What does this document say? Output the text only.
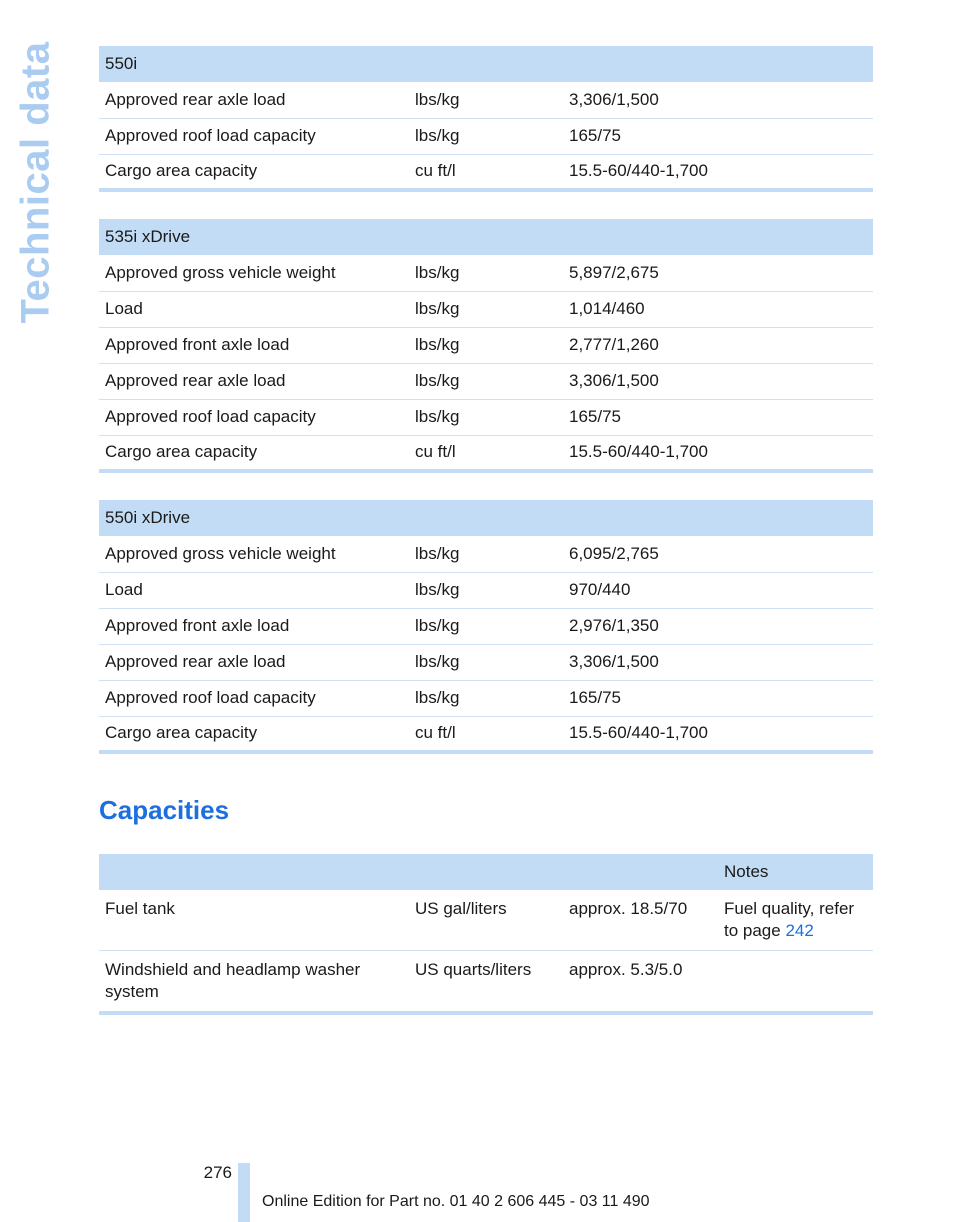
Technical data	550i		
Approved rear axle load	lbs/kg	3,306/1,500
Approved roof load capacity	lbs/kg	165/75
Cargo area capacity	cu ft/l	15.5-60/440-1,700
535i xDrive		
Approved gross vehicle weight	lbs/kg	5,897/2,675
Load	lbs/kg	1,014/460
Approved front axle load	lbs/kg	2,777/1,260
Approved rear axle load	lbs/kg	3,306/1,500
Approved roof load capacity	lbs/kg	165/75
Cargo area capacity	cu ft/l	15.5-60/440-1,700
550i xDrive		
Approved gross vehicle weight	lbs/kg	6,095/2,765
Load	lbs/kg	970/440
Approved front axle load	lbs/kg	2,976/1,350
Approved rear axle load	lbs/kg	3,306/1,500
Approved roof load capacity	lbs/kg	165/75
Cargo area capacity	cu ft/l	15.5-60/440-1,700
Capacities
			Notes
Fuel tank	US gal/liters	approx. 18.5/70	Fuel quality, refer to page 242
Windshield and headlamp washer system	US quarts/liters	approx. 5.3/5.0	
276
Online Edition for Part no. 01 40 2 606 445 - 03 11 490
